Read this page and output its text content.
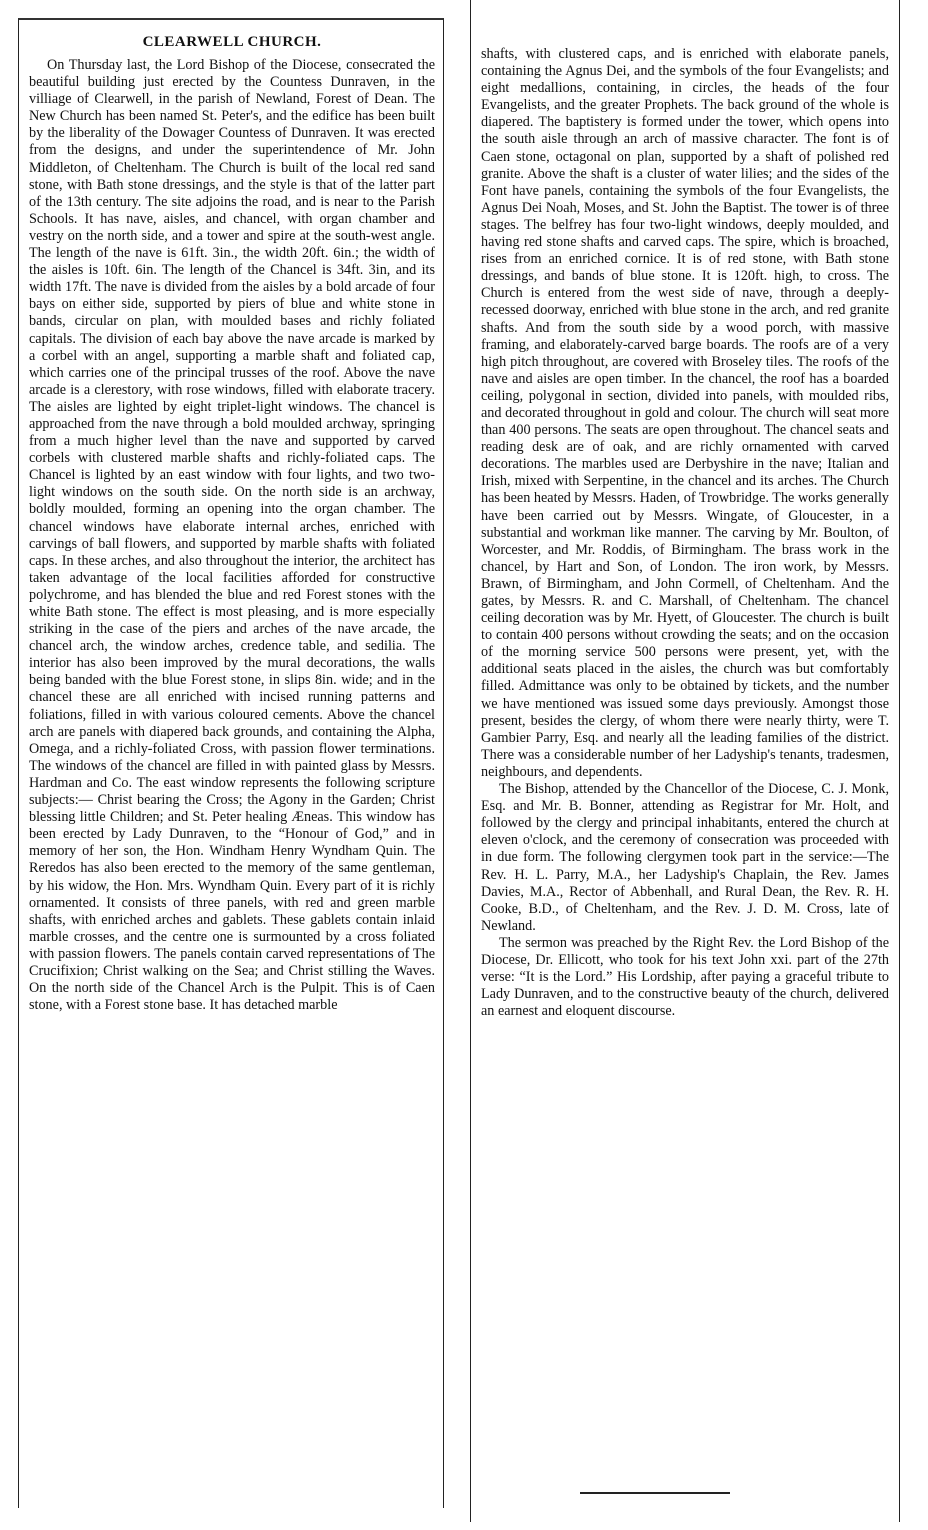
CLEARWELL CHURCH.

On Thursday last, the Lord Bishop of the Diocese, consecrated the beautiful building just erected by the Countess Dunraven, in the villiage of Clearwell, in the parish of Newland, Forest of Dean. The New Church has been named St. Peter's, and the edifice has been built by the liberality of the Dowager Countess of Dunraven. It was erected from the designs, and under the superintendence of Mr. John Middleton, of Cheltenham. The Church is built of the local red sand stone, with Bath stone dressings, and the style is that of the latter part of the 13th century. The site adjoins the road, and is near to the Parish Schools. It has nave, aisles, and chancel, with organ chamber and vestry on the north side, and a tower and spire at the south-west angle. The length of the nave is 61ft. 3in., the width 20ft. 6in.; the width of the aisles is 10ft. 6in. The length of the Chancel is 34ft. 3in, and its width 17ft. The nave is divided from the aisles by a bold arcade of four bays on either side, supported by piers of blue and white stone in bands, circular on plan, with moulded bases and richly foliated capitals. The division of each bay above the nave arcade is marked by a corbel with an angel, supporting a marble shaft and foliated cap, which carries one of the principal trusses of the roof. Above the nave arcade is a clerestory, with rose windows, filled with elaborate tracery. The aisles are lighted by eight triplet-light windows. The chancel is approached from the nave through a bold moulded archway, springing from a much higher level than the nave and supported by carved corbels with clustered marble shafts and richly-foliated caps. The Chancel is lighted by an east window with four lights, and two two-light windows on the south side. On the north side is an archway, boldly moulded, forming an opening into the organ chamber. The chancel windows have elaborate internal arches, enriched with carvings of ball flowers, and supported by marble shafts with foliated caps. In these arches, and also throughout the interior, the architect has taken advantage of the local facilities afforded for constructive polychrome, and has blended the blue and red Forest stones with the white Bath stone. The effect is most pleasing, and is more especially striking in the case of the piers and arches of the nave arcade, the chancel arch, the window arches, credence table, and sedilia. The interior has also been improved by the mural decorations, the walls being banded with the blue Forest stone, in slips 8in. wide; and in the chancel these are all enriched with incised running patterns and foliations, filled in with various coloured cements. Above the chancel arch are panels with diapered back grounds, and containing the Alpha, Omega, and a richly-foliated Cross, with passion flower terminations. The windows of the chancel are filled in with painted glass by Messrs. Hardman and Co. The east window represents the following scripture subjects:— Christ bearing the Cross; the Agony in the Garden; Christ blessing little Children; and St. Peter healing Æneas. This window has been erected by Lady Dunraven, to the “Honour of God,” and in memory of her son, the Hon. Windham Henry Wyndham Quin. The Reredos has also been erected to the memory of the same gentleman, by his widow, the Hon. Mrs. Wyndham Quin. Every part of it is richly ornamented. It consists of three panels, with red and green marble shafts, with enriched arches and gablets. These gablets contain inlaid marble crosses, and the centre one is surmounted by a cross foliated with passion flowers. The panels contain carved representations of The Crucifixion; Christ walking on the Sea; and Christ stilling the Waves. On the north side of the Chancel Arch is the Pulpit. This is of Caen stone, with a Forest stone base. It has detached marble

shafts, with clustered caps, and is enriched with elaborate panels, containing the Agnus Dei, and the symbols of the four Evangelists; and eight medallions, containing, in circles, the heads of the four Evangelists, and the greater Prophets. The back ground of the whole is diapered. The baptistery is formed under the tower, which opens into the south aisle through an arch of massive character. The font is of Caen stone, octagonal on plan, supported by a shaft of polished red granite. Above the shaft is a cluster of water lilies; and the sides of the Font have panels, containing the symbols of the four Evangelists, the Agnus Dei Noah, Moses, and St. John the Baptist. The tower is of three stages. The belfrey has four two-light windows, deeply moulded, and having red stone shafts and carved caps. The spire, which is broached, rises from an enriched cornice. It is of red stone, with Bath stone dressings, and bands of blue stone. It is 120ft. high, to cross. The Church is entered from the west side of nave, through a deeply-recessed doorway, enriched with blue stone in the arch, and red granite shafts. And from the south side by a wood porch, with massive framing, and elaborately-carved barge boards. The roofs are of a very high pitch throughout, are covered with Broseley tiles. The roofs of the nave and aisles are open timber. In the chancel, the roof has a boarded ceiling, polygonal in section, divided into panels, with moulded ribs, and decorated throughout in gold and colour. The church will seat more than 400 persons. The seats are open throughout. The chancel seats and reading desk are of oak, and are richly ornamented with carved decorations. The marbles used are Derbyshire in the nave; Italian and Irish, mixed with Serpentine, in the chancel and its arches. The Church has been heated by Messrs. Haden, of Trowbridge. The works generally have been carried out by Messrs. Wingate, of Gloucester, in a substantial and workman like manner. The carving by Mr. Boulton, of Worcester, and Mr. Roddis, of Birmingham. The brass work in the chancel, by Hart and Son, of London. The iron work, by Messrs. Brawn, of Birmingham, and John Cormell, of Cheltenham. And the gates, by Messrs. R. and C. Marshall, of Cheltenham. The chancel ceiling decoration was by Mr. Hyett, of Gloucester. The church is built to contain 400 persons without crowding the seats; and on the occasion of the morning service 500 persons were present, yet, with the additional seats placed in the aisles, the church was but comfortably filled. Admittance was only to be obtained by tickets, and the number we have mentioned was issued some days previously. Amongst those present, besides the clergy, of whom there were nearly thirty, were T. Gambier Parry, Esq. and nearly all the leading families of the district. There was a considerable number of her Ladyship's tenants, tradesmen, neighbours, and dependents.

The Bishop, attended by the Chancellor of the Diocese, C. J. Monk, Esq. and Mr. B. Bonner, attending as Registrar for Mr. Holt, and followed by the clergy and principal inhabitants, entered the church at eleven o'clock, and the ceremony of consecration was proceeded with in due form. The following clergymen took part in the service:—The Rev. H. L. Parry, M.A., her Ladyship's Chaplain, the Rev. James Davies, M.A., Rector of Abbenhall, and Rural Dean, the Rev. R. H. Cooke, B.D., of Cheltenham, and the Rev. J. D. M. Cross, late of Newland.

The sermon was preached by the Right Rev. the Lord Bishop of the Diocese, Dr. Ellicott, who took for his text John xxi. part of the 27th verse: “It is the Lord.” His Lordship, after paying a graceful tribute to Lady Dunraven, and to the constructive beauty of the church, delivered an earnest and eloquent discourse.
